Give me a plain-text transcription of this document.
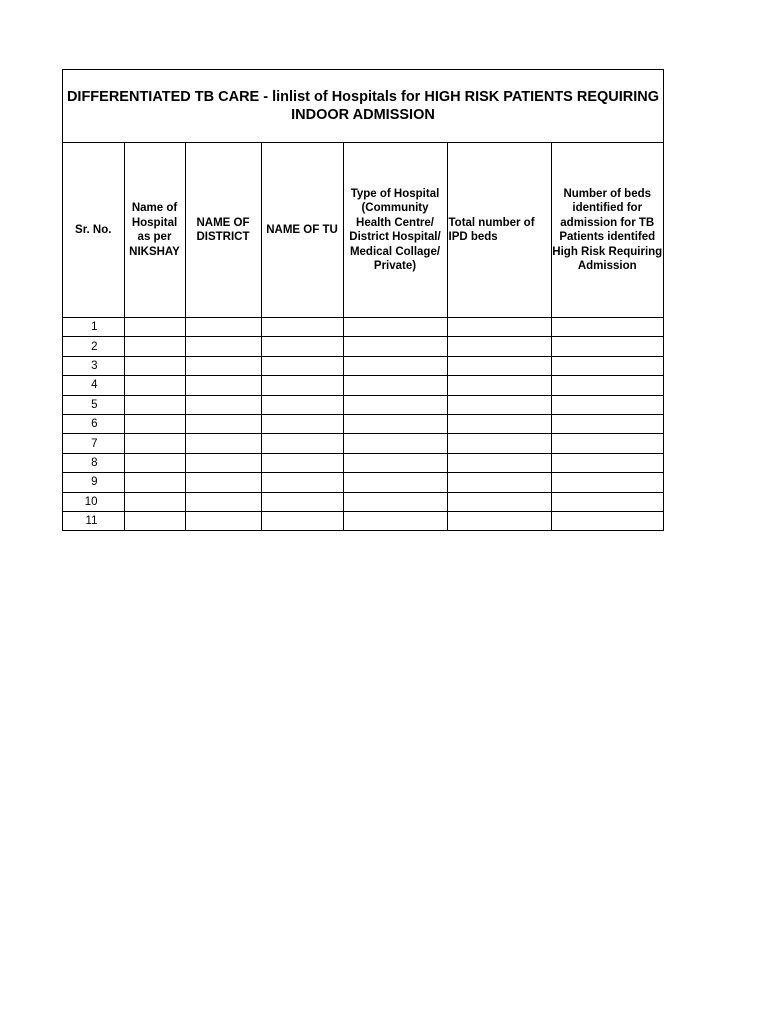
DIFFERENTIATED TB CARE - linlist of Hospitals for HIGH RISK PATIENTS REQUIRING
INDOOR ADMISSION
Sr. No.	Name of Hospital as per NIKSHAY	NAME OF DISTRICT	NAME OF TU	Type of Hospital (Community Health Centre/ District Hospital/ Medical Collage/ Private)	Total number of IPD beds	Number of beds identified for admission for TB Patients identifed High Risk Requiring Admission
1						
2						
3						
4						
5						
6						
7						
8						
9						
10						
11						
